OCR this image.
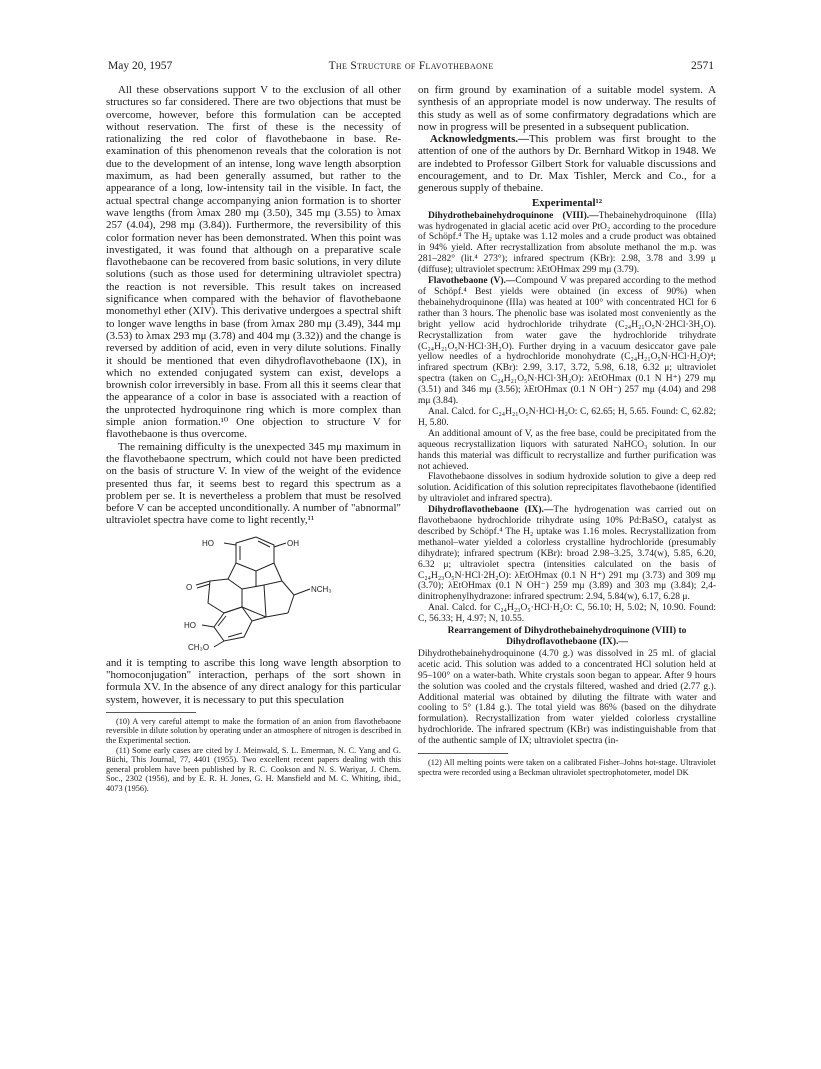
May 20, 1957	The Structure of Flavothebaone	2571

All these observations support V to the exclusion of all other structures so far considered. There are two objections that must be overcome, however, before this formulation can be accepted without reservation. The first of these is the necessity of rationalizing the red color of flavothebaone in base. Re-examination of this phenomenon reveals that the coloration is not due to the development of an intense, long wave length absorption maximum, as had been generally assumed, but rather to the appearance of a long, low-intensity tail in the visible. In fact, the actual spectral change accompanying anion formation is to shorter wave lengths (from λmax 280 mμ (3.50), 345 mμ (3.55) to λmax 257 (4.04), 298 mμ (3.84)). Furthermore, the reversibility of this color formation never has been demonstrated. When this point was investigated, it was found that although on a preparative scale flavothebaone can be recovered from basic solutions, in very dilute solutions (such as those used for determining ultraviolet spectra) the reaction is not reversible. This result takes on increased significance when compared with the behavior of flavothebaone monomethyl ether (XIV). This derivative undergoes a spectral shift to longer wave lengths in base (from λmax 280 mμ (3.49), 344 mμ (3.53) to λmax 293 mμ (3.78) and 404 mμ (3.32)) and the change is reversed by addition of acid, even in very dilute solutions. Finally it should be mentioned that even dihydroflavothebaone (IX), in which no extended conjugated system can exist, develops a brownish color irreversibly in base. From all this it seems clear that the appearance of a color in base is associated with a reaction of the unprotected hydroquinone ring which is more complex than simple anion formation.¹⁰ One objection to structure V for flavothebaone is thus overcome.

The remaining difficulty is the unexpected 345 mμ maximum in the flavothebaone spectrum, which could not have been predicted on the basis of structure V. In view of the weight of the evidence presented thus far, it seems best to regard this spectrum as a problem per se. It is nevertheless a problem that must be resolved before V can be accepted unconditionally. A number of "abnormal" ultraviolet spectra have come to light recently,¹¹

HO	OH
NCH₃
O
HO
CH₃O

and it is tempting to ascribe this long wave length absorption to "homoconjugation" interaction, perhaps of the sort shown in formula XV. In the absence of any direct analogy for this particular system, however, it is necessary to put this speculation

(10) A very careful attempt to make the formation of an anion from flavothebaone reversible in dilute solution by operating under an atmosphere of nitrogen is described in the Experimental section.

(11) Some early cases are cited by J. Meinwald, S. L. Emerman, N. C. Yang and G. Büchi, This Journal, 77, 4401 (1955). Two excellent recent papers dealing with this general problem have been published by R. C. Cookson and N. S. Wariyar, J. Chem. Soc., 2302 (1956), and by E. R. H. Jones, G. H. Mansfield and M. C. Whiting, ibid., 4073 (1956).

on firm ground by examination of a suitable model system. A synthesis of an appropriate model is now underway. The results of this study as well as of some confirmatory degradations which are now in progress will be presented in a subsequent publication.

Acknowledgments.—This problem was first brought to the attention of one of the authors by Dr. Bernhard Witkop in 1948. We are indebted to Professor Gilbert Stork for valuable discussions and encouragement, and to Dr. Max Tishler, Merck and Co., for a generous supply of thebaine.

Experimental¹²

Dihydrothebainehydroquinone (VIII).—Thebainehydroquinone (IIIa) was hydrogenated in glacial acetic acid over PtO₂ according to the procedure of Schöpf.⁴ The H₂ uptake was 1.12 moles and a crude product was obtained in 94% yield. After recrystallization from absolute methanol the m.p. was 281–282° (lit.⁴ 273°); infrared spectrum (KBr): 2.98, 3.78 and 3.99 μ (diffuse); ultraviolet spectrum: λEtOHmax 299 mμ (3.79).

Flavothebaone (V).—Compound V was prepared according to the method of Schöpf.⁴ Best yields were obtained (in excess of 90%) when thebainehydroquinone (IIIa) was heated at 100° with concentrated HCl for 6 rather than 3 hours. The phenolic base was isolated most conveniently as the bright yellow acid hydrochloride trihydrate (C₂₄H₂₁O₅N·2HCl·3H₂O). Recrystallization from water gave the hydrochloride trihydrate (C₂₄H₂₁O₅N·HCl·3H₂O). Further drying in a vacuum desiccator gave pale yellow needles of a hydrochloride monohydrate (C₂₄H₂₁O₅N·HCl·H₂O)⁴; infrared spectrum (KBr): 2.99, 3.17, 3.72, 5.98, 6.18, 6.32 μ; ultraviolet spectra (taken on C₂₄H₂₁O₅N·HCl·3H₂O): λEtOHmax (0.1 N H⁺) 279 mμ (3.51) and 346 mμ (3.56); λEtOHmax (0.1 N OH⁻) 257 mμ (4.04) and 298 mμ (3.84).

Anal. Calcd. for C₂₄H₂₁O₅N·HCl·H₂O: C, 62.65; H, 5.65. Found: C, 62.82; H, 5.80.

An additional amount of V, as the free base, could be precipitated from the aqueous recrystallization liquors with saturated NaHCO₃ solution. In our hands this material was difficult to recrystallize and further purification was not achieved.

Flavothebaone dissolves in sodium hydroxide solution to give a deep red solution. Acidification of this solution reprecipitates flavothebaone (identified by ultraviolet and infrared spectra).

Dihydroflavothebaone (IX).—The hydrogenation was carried out on flavothebaone hydrochloride trihydrate using 10% Pd:BaSO₄ catalyst as described by Schöpf.⁴ The H₂ uptake was 1.16 moles. Recrystallization from methanol–water yielded a colorless crystalline hydrochloride (presumably dihydrate); infrared spectrum (KBr): broad 2.98–3.25, 3.74(w), 5.85, 6.20, 6.32 μ; ultraviolet spectra (intensities calculated on the basis of C₂₄H₂₃O₅N·HCl·2H₂O): λEtOHmax (0.1 N H⁺) 291 mμ (3.73) and 309 mμ (3.70); λEtOHmax (0.1 N OH⁻) 259 mμ (3.89) and 303 mμ (3.84); 2,4-dinitrophenylhydrazone: infrared spectrum: 2.94, 5.84(w), 6.17, 6.28 μ.

Anal. Calcd. for C₂₄H₂₃O₅·HCl·H₂O: C, 56.10; H, 5.02; N, 10.90. Found: C, 56.33; H, 4.97; N, 10.55.

Rearrangement of Dihydrothebainehydroquinone (VIII) to Dihydroflavothebaone (IX).—

Dihydrothebainehydroquinone (4.70 g.) was dissolved in 25 ml. of glacial acetic acid. This solution was added to a concentrated HCl solution held at 95–100° on a water-bath. White crystals soon began to appear. After 9 hours the solution was cooled and the crystals filtered, washed and dried (2.77 g.). Additional material was obtained by diluting the filtrate with water and cooling to 5° (1.84 g.). The total yield was 86% (based on the dihydrate formulation). Recrystallization from water yielded colorless crystalline hydrochloride. The infrared spectrum (KBr) was indistinguishable from that of the authentic sample of IX; ultraviolet spectra (in-

(12) All melting points were taken on a calibrated Fisher–Johns hot-stage. Ultraviolet spectra were recorded using a Beckman ultraviolet spectrophotometer, model DK
